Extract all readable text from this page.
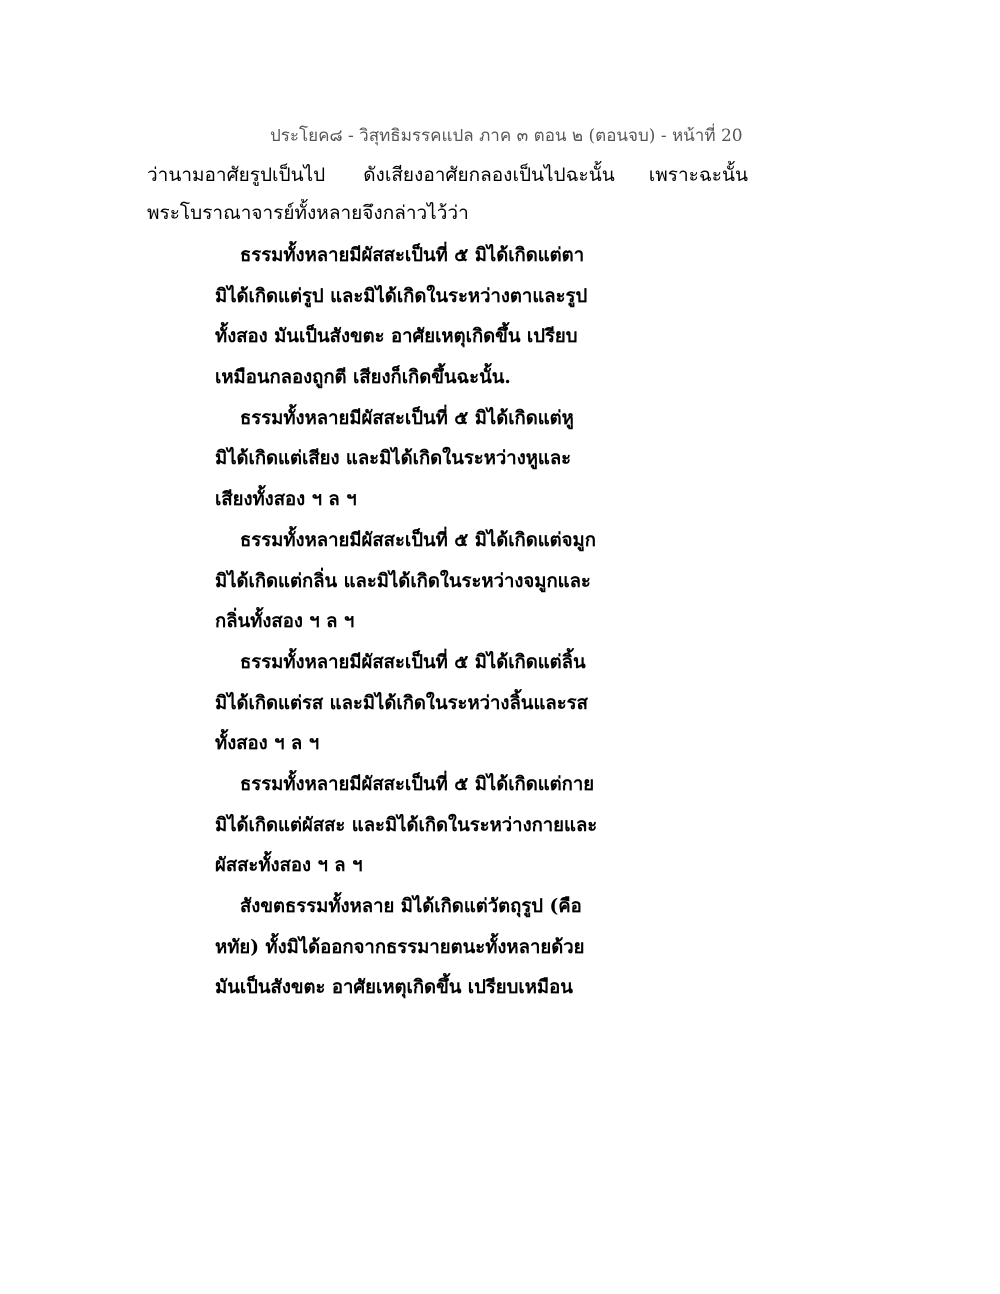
ประโยค๘ - วิสุทธิมรรคแปล ภาค ๓ ตอน ๒ (ตอนจบ) - หน้าที่ 20
ว่านามอาศัยรูปเป็นไป ดังเสียงอาศัยกลองเป็นไปฉะนั้น เพราะฉะนั้น
พระโบราณาจารย์ทั้งหลายจึงกล่าวไว้ว่า
ธรรมทั้งหลายมีผัสสะเป็นที่ ๕ มิได้เกิดแต่ตา
มิได้เกิดแต่รูป และมิได้เกิดในระหว่างตาและรูป
ทั้งสอง มันเป็นสังขตะ อาศัยเหตุเกิดขึ้น เปรียบ
เหมือนกลองถูกตี เสียงก็เกิดขึ้นฉะนั้น.
ธรรมทั้งหลายมีผัสสะเป็นที่ ๕ มิได้เกิดแต่หู
มิได้เกิดแต่เสียง และมิได้เกิดในระหว่างหูและ
เสียงทั้งสอง ฯ ล ฯ
ธรรมทั้งหลายมีผัสสะเป็นที่ ๕ มิได้เกิดแต่จมูก
มิได้เกิดแต่กลิ่น และมิได้เกิดในระหว่างจมูกและ
กลิ่นทั้งสอง ฯ ล ฯ
ธรรมทั้งหลายมีผัสสะเป็นที่ ๕ มิได้เกิดแต่ลิ้น
มิได้เกิดแต่รส และมิได้เกิดในระหว่างลิ้นและรส
ทั้งสอง ฯ ล ฯ
ธรรมทั้งหลายมีผัสสะเป็นที่ ๕ มิได้เกิดแต่กาย
มิได้เกิดแต่ผัสสะ และมิได้เกิดในระหว่างกายและ
ผัสสะทั้งสอง ฯ ล ฯ
สังขตธรรมทั้งหลาย มิได้เกิดแต่วัตถุรูป (คือ
หทัย) ทั้งมิได้ออกจากธรรมายตนะทั้งหลายด้วย
มันเป็นสังขตะ อาศัยเหตุเกิดขึ้น เปรียบเหมือน
